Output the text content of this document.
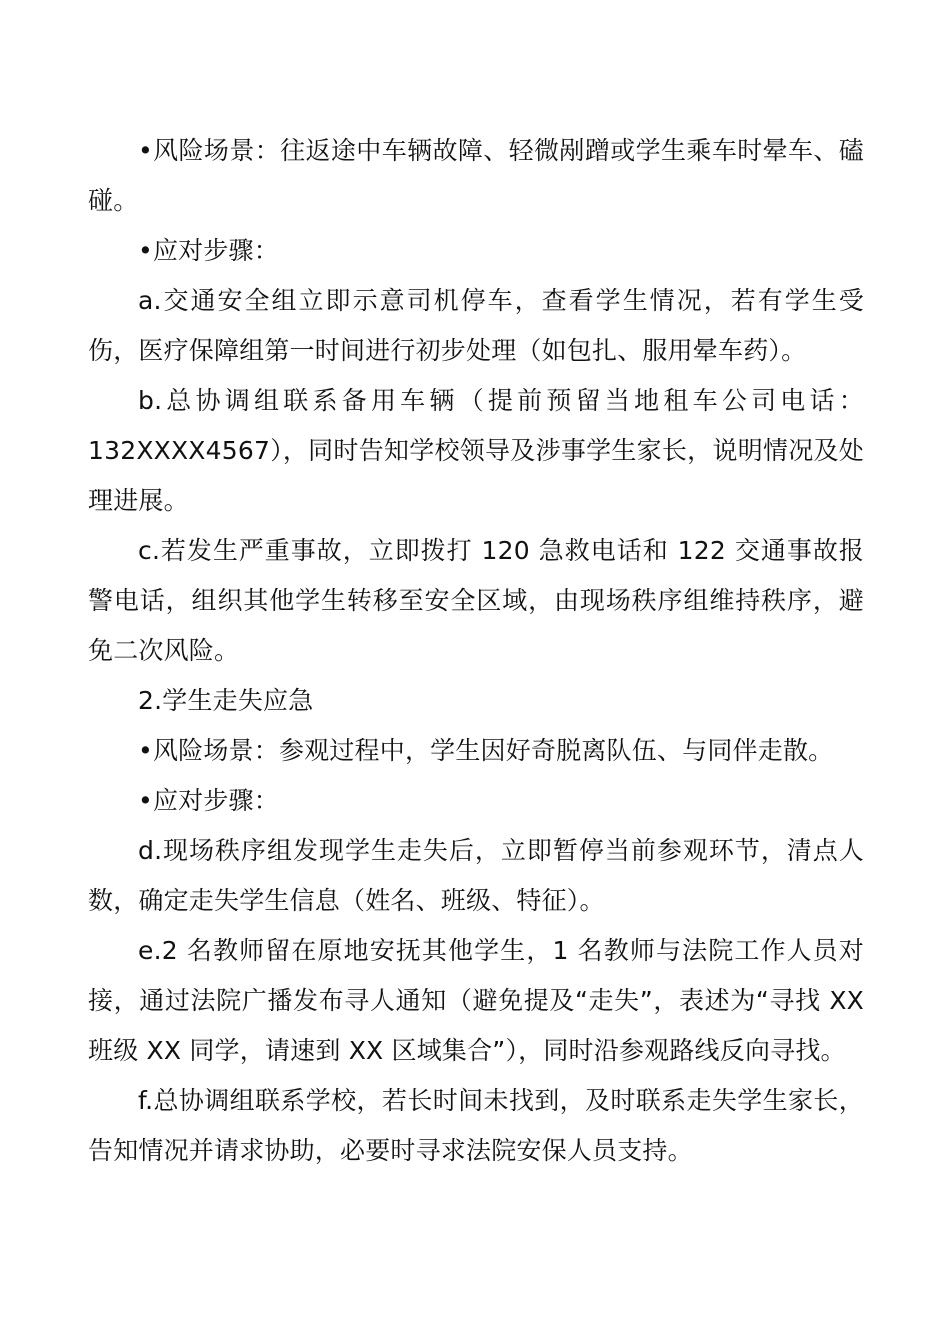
•风险场景：往返途中车辆故障、轻微剐蹭或学生乘车时晕车、磕碰。

•应对步骤：

a.交通安全组立即示意司机停车，查看学生情况，若有学生受伤，医疗保障组第一时间进行初步处理（如包扎、服用晕车药）。

b.总协调组联系备用车辆（提前预留当地租车公司电话：132XXXX4567），同时告知学校领导及涉事学生家长，说明情况及处理进展。

c.若发生严重事故，立即拨打 120 急救电话和 122 交通事故报警电话，组织其他学生转移至安全区域，由现场秩序组维持秩序，避免二次风险。

2.学生走失应急

•风险场景：参观过程中，学生因好奇脱离队伍、与同伴走散。

•应对步骤：

d.现场秩序组发现学生走失后，立即暂停当前参观环节，清点人数，确定走失学生信息（姓名、班级、特征）。

e.2 名教师留在原地安抚其他学生，1 名教师与法院工作人员对接，通过法院广播发布寻人通知（避免提及“走失”，表述为“寻找 XX 班级 XX 同学，请速到 XX 区域集合”），同时沿参观路线反向寻找。

f.总协调组联系学校，若长时间未找到，及时联系走失学生家长，告知情况并请求协助，必要时寻求法院安保人员支持。
